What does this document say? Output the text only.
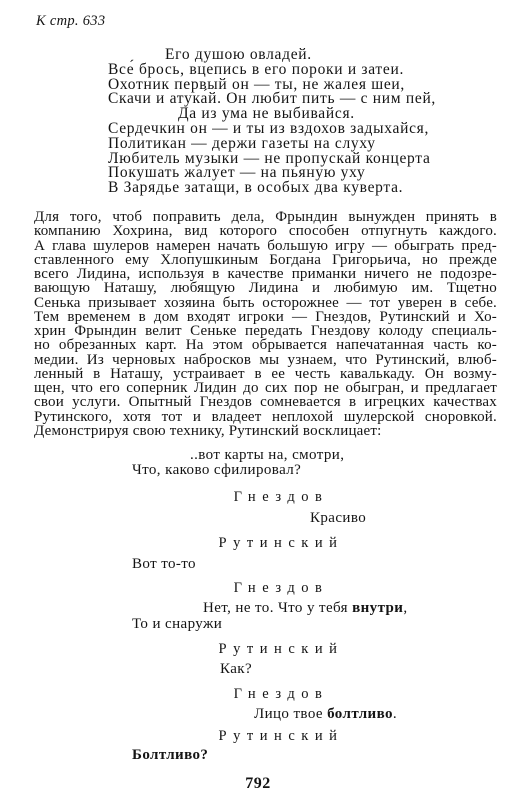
К стр. 633
Его душою овладей.
Все́ брось, вцепись в его пороки и затеи.
Охотник первый он — ты, не жалея шеи,
Скачи и атука́й. Он любит пить — с ним пей,
Да из ума не выбивайся.
Сердечкин он — и ты из вздохов задыхайся,
Политикан — держи газеты на слуху
Любитель музыки — не пропускай концерта
Покушать жалует — на пьяную уху
В Зарядье затащи, в особых два куверта.
Для того, чтоб поправить дела, Фрындин вынужден принять в
компанию Хохрина, вид которого способен отпугнуть каждого.
А глава шулеров намерен начать большую игру — обыграть пред-
ставленного ему Хлопушкиным Богдана Григорьича, но прежде
всего Лидина, используя в качестве приманки ничего не подозре-
вающую Наташу, любящую Лидина и любимую им. Тщетно
Сенька призывает хозяина быть осторожнее — тот уверен в себе.
Тем временем в дом входят игроки — Гнездов, Рутинский и Хо-
хрин Фрындин велит Сеньке передать Гнездову колоду специаль-
но обрезанных карт. На этом обрывается напечатанная часть ко-
медии. Из черновых набросков мы узнаем, что Рутинский, влюб-
ленный в Наташу, устраивает в ее честь кавалькаду. Он возму-
щен, что его соперник Лидин до сих пор не обыгран, и предлагает
свои услуги. Опытный Гнездов сомневается в игрецких качествах
Рутинского, хотя тот и владеет неплохой шулерской сноровкой.
Демонстрируя свою технику, Рутинский восклицает:
..вот карты на, смотри,
Что, каково сфилировал?
Гнездов
Красиво
Рутинский
Вот то-то
Гнездов
Нет, не то. Что у тебя внутри,
То и снаружи
Рутинский
Как?
Гнездов
Лицо твое болтливо.
Рутинский
Болтливо?
792
